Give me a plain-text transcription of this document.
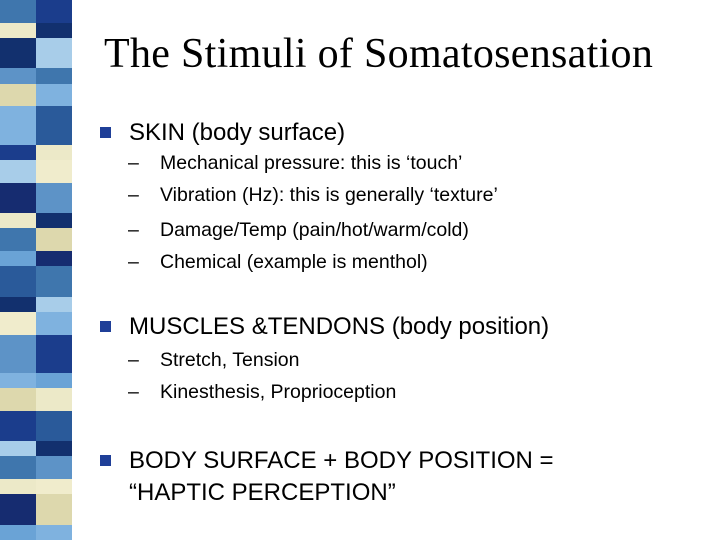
The Stimuli of Somatosensation
SKIN (body surface)
–	Mechanical pressure: this is ‘touch’
–	Vibration (Hz): this is generally ‘texture’
–	Damage/Temp (pain/hot/warm/cold)
–	Chemical (example is menthol)
MUSCLES &TENDONS (body position)
–	Stretch, Tension
–	Kinesthesis, Proprioception
BODY SURFACE + BODY POSITION =
“HAPTIC PERCEPTION”
